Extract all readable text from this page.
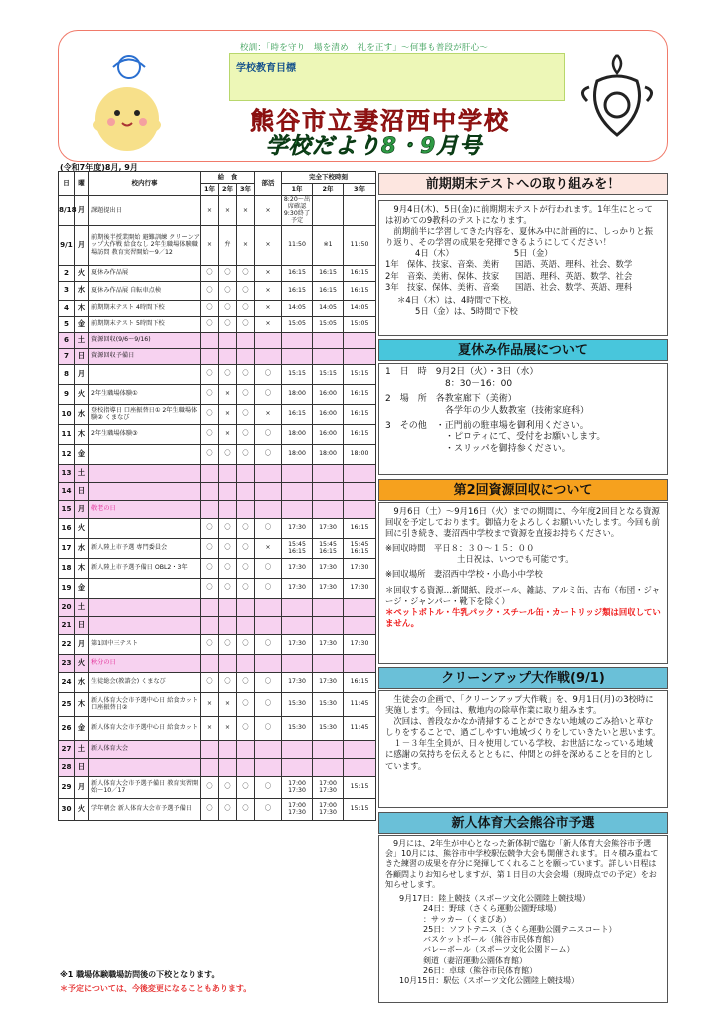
校訓：「時を守り　場を清め　礼を正す」～何事も普段が肝心～
学校教育目標
熊谷市立妻沼西中学校
学校だより8・9月号
(令和7年度)8月, 9月
日	曜	校内行事	給　食			部活	完全下校時刻		
			1年	2年	3年		1年	2年	3年
8/18	月	課題提出日	×	×	×	×	8:20～出席確認 9:30終了予定		
9/1	月	前期後半授業開始 避難訓練 クリーンアップ大作戦 給食なし 2年生職場体験職場訪問 教育実習開始～9／12	×	弁	×	×	11:50	※1	11:50
2	火	夏休み作品展	〇	〇	〇	×	16:15	16:15	16:15
3	水	夏休み作品展 自転車点検	〇	〇	〇	×	16:15	16:15	16:15
4	木	前期期末テスト 4時間下校	〇	〇	〇	×	14:05	14:05	14:05
5	金	前期期末テスト 5時間下校	〇	〇	〇	×	15:05	15:05	15:05
6	土	資源回収(9/6～9/16)							
7	日	資源回収予備日							
8	月		〇	〇	〇	〇	15:15	15:15	15:15
9	火	2年生職場体験①	〇	×	〇	〇	18:00	16:00	16:15
10	水	登校指導日 口座振替日① 2年生職場体験② くまなび	〇	×	〇	×	16:15	16:00	16:15
11	木	2年生職場体験③	〇	×	〇	〇	18:00	16:00	16:15
12	金		〇	〇	〇	〇	18:00	18:00	18:00
13	土								
14	日								
15	月	敬老の日							
16	火		〇	〇	〇	〇	17:30	17:30	16:15
17	水	新人陸上市予選 専門委員会	〇	〇	〇	×	15:45 16:15	15:45 16:15	15:45 16:15
18	木	新人陸上市予選予備日 OBL2・3年	〇	〇	〇	〇	17:30	17:30	17:30
19	金		〇	〇	〇	〇	17:30	17:30	17:30
20	土								
21	日								
22	月	第1回中三テスト	〇	〇	〇	〇	17:30	17:30	17:30
23	火	秋分の日							
24	水	生徒総会(教諮会) くまなび	〇	〇	〇	〇	17:30	17:30	16:15
25	木	新人体育大会市予選中心日 給食カット 口座振替日②	×	×	〇	〇	15:30	15:30	11:45
26	金	新人体育大会市予選中心日 給食カット	×	×	〇	〇	15:30	15:30	11:45
27	土	新人体育大会							
28	日								
29	月	新人体育大会市予選予備日 教育実習開始～10／17	〇	〇	〇	〇	17:00 17:30	17:00 17:30	15:15
30	火	学年朝会 新人体育大会市予選予備日	〇	〇	〇	〇	17:00 17:30	17:00 17:30	15:15
※1 職場体験職場訪問後の下校となります。
＊予定については、今後変更になることもあります。
前期期末テストへの取り組みを！
　9月4日(木)、5日(金)に前期期末テストが行われます。1年生にとっては初めての9教科のテストになります。
　前期前半に学習してきた内容を、夏休み中に計画的に、しっかりと振り返り、その学習の成果を発揮できるようにしてください！
4日（木）	5日（金）
1年 保体、技家、音楽、美術	国語、英語、理科、社会、数学
2年 音楽、美術、保体、技家	国語、理科、英語、数学、社会
3年 技家、保体、美術、音楽	国語、社会、数学、英語、理科
＊4日（木）は、4時間で下校。
5日（金）は、5時間で下校
夏休み作品展について
1　日　時　9月2日（火）・3日（水）
8：30－16：00
2　場　所　各教室廊下（美術）
各学年の少人数教室（技術家庭科）
3　その他　・正門前の駐車場を御利用ください。
・ピロティにて、受付をお願いします。
・スリッパを御持参ください。
第2回資源回収について
　9月6日（土）～9月16日（火）までの期間に、今年度2回目となる資源回収を予定しております。御協力をよろしくお願いいたします。今回も前回に引き続き、妻沼西中学校まで資源を直接お持ちください。
※回収時間　平日８：３０～１５：００
土日祝は、いつでも可能です。
※回収場所　妻沼西中学校・小島小中学校
＊回収する資源…新聞紙、段ボール、雑誌、アルミ缶、古布（布団・ジャージ・ジャンパー・靴下を除く）
＊ペットボトル・牛乳パック・スチール缶・カートリッジ類は回収していません。
クリーンアップ大作戦(9/1)
　生徒会の企画で、「クリーンアップ大作戦」を、9月1日(月)の3校時に実施します。今回は、敷地内の除草作業に取り組みます。
　次回は、普段なかなか清掃することができない地域のごみ拾いと草むしりをすることで、過ごしやすい地域づくりをしていきたいと思います。
　１－３年生全員が、日々使用している学校、お世話になっている地域に感謝の気持ちを伝えるとともに、仲間との絆を深めることを目的としています。
新人体育大会熊谷市予選
　9月には、2年生が中心となった新体制で臨む「新人体育大会熊谷市予選会」10月には、熊谷市中学校駅伝競争大会も開催されます。日々積み重ねてきた練習の成果を存分に発揮してくれることを願っています。詳しい日程は各顧問よりお知らせしますが、第１日目の大会会場（現時点での予定）をお知らせします。
9月17日：陸上競技（スポーツ文化公園陸上競技場）
24日：野球（さくら運動公園野球場）
：サッカー（くまびあ）
25日：ソフトテニス（さくら運動公園テニスコート）
バスケットボール（熊谷市民体育館）
バレーボール（スポーツ文化公園ドーム）
剣道（妻沼運動公園体育館）
26日：卓球（熊谷市民体育館）
10月15日：駅伝（スポーツ文化公園陸上競技場）
